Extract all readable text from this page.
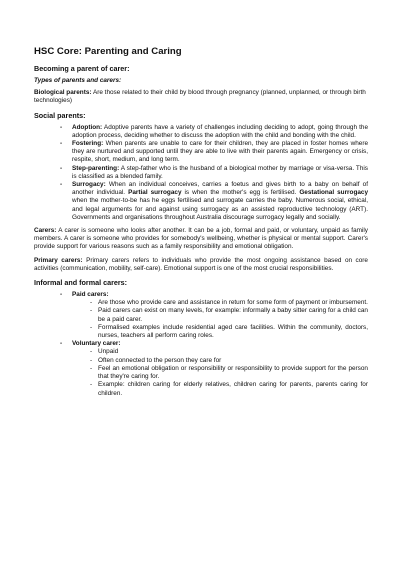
HSC Core: Parenting and Caring
Becoming a parent of carer:
Types of parents and carers:

Biological parents: Are those related to their child by blood through pregnancy (planned, unplanned, or through birth technologies)

Social parents:
- Adoption: Adoptive parents have a variety of challenges including deciding to adopt, going through the adoption process, deciding whether to discuss the adoption with the child and bonding with the child.
- Fostering: When parents are unable to care for their children, they are placed in foster homes where they are nurtured and supported until they are able to live with their parents again. Emergency or crisis, respite, short, medium, and long term.
- Step-parenting: A step-father who is the husband of a biological mother by marriage or visa-versa. This is classified as a blended family.
- Surrogacy: When an individual conceives, carries a foetus and gives birth to a baby on behalf of another individual. Partial surrogacy is when the mother's egg is fertilised. Gestational surrogacy when the mother-to-be has he eggs fertilised and surrogate carries the baby. Numerous social, ethical, and legal arguments for and against using surrogacy as an assisted reproductive technology (ART). Governments and organisations throughout Australia discourage surrogacy legally and socially.

Carers: A carer is someone who looks after another. It can be a job, formal and paid, or voluntary, unpaid as family members. A carer is someone who provides for somebody's wellbeing, whether is physical or mental support. Carer's provide support for various reasons such as a family responsibility and emotional obligation.

Primary carers: Primary carers refers to individuals who provide the most ongoing assistance based on core activities (communication, mobility, self-care). Emotional support is one of the most crucial responsibilities.

Informal and formal carers:
- Paid carers:
- Are those who provide care and assistance in return for some form of payment or imbursement.
- Paid carers can exist on many levels, for example: informally a baby sitter caring for a child can be a paid carer.
- Formalised examples include residential aged care facilities. Within the community, doctors, nurses, teachers all perform caring roles.
- Voluntary carer:
- Unpaid
- Often connected to the person they care for
- Feel an emotional obligation or responsibility or responsibility to provide support for the person that they're caring for.
- Example: children caring for elderly relatives, children caring for parents, parents caring for children.
